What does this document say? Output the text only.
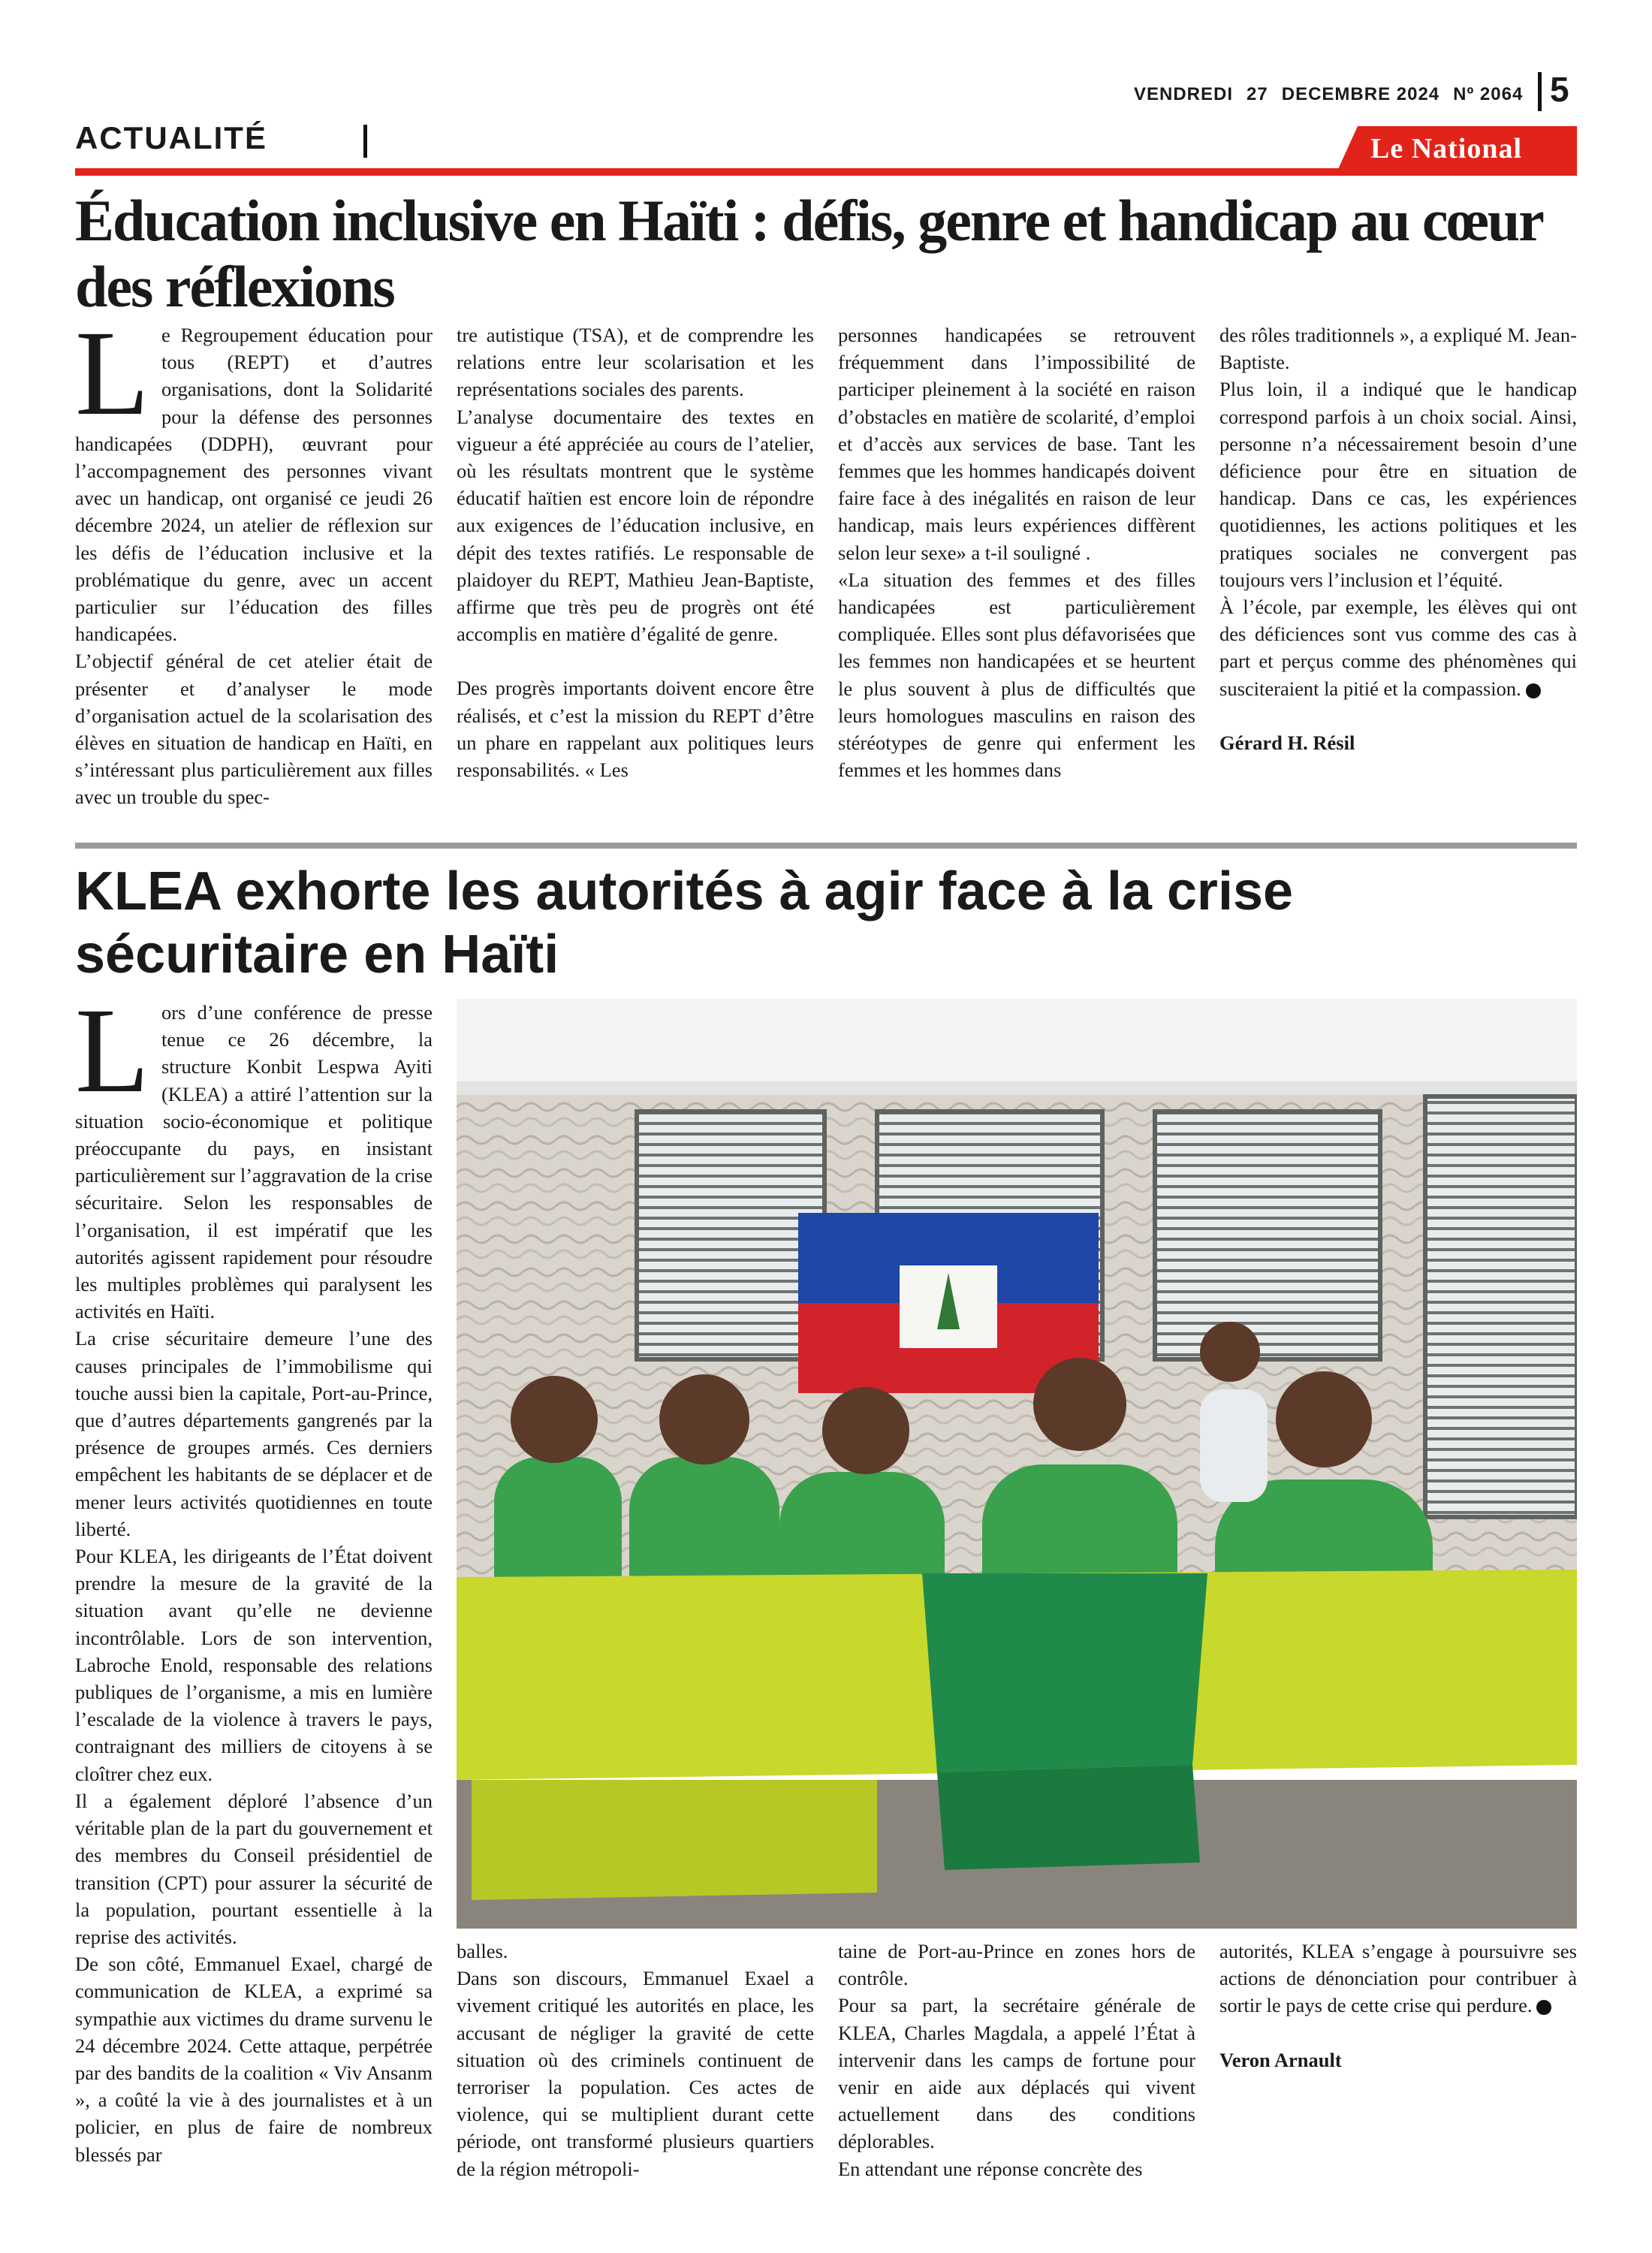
VENDREDI 27 DECEMBRE 2024 Nº 2064 5
ACTUALITÉ	Le National
Éducation inclusive en Haïti : défis, genre et handicap au cœur des réflexions

Le Regroupement éducation pour tous (REPT) et d’autres organisations, dont la Solidarité pour la défense des personnes handicapées (DDPH), œuvrant pour l’accompagnement des personnes vivant avec un handicap, ont organisé ce jeudi 26 décembre 2024, un atelier de réflexion sur les défis de l’éducation inclusive et la problématique du genre, avec un accent particulier sur l’éducation des filles handicapées.

L’objectif général de cet atelier était de présenter et d’analyser le mode d’organisation actuel de la scolarisation des élèves en situation de handicap en Haïti, en s’intéressant plus particulièrement aux filles avec un trouble du spec-

tre autistique (TSA), et de comprendre les relations entre leur scolarisation et les représentations sociales des parents.

L’analyse documentaire des textes en vigueur a été appréciée au cours de l’atelier, où les résultats montrent que le système éducatif haïtien est encore loin de répondre aux exigences de l’éducation inclusive, en dépit des textes ratifiés. Le responsable de plaidoyer du REPT, Mathieu Jean-Baptiste, affirme que très peu de progrès ont été accomplis en matière d’égalité de genre.

Des progrès importants doivent encore être réalisés, et c’est la mission du REPT d’être un phare en rappelant aux politiques leurs responsabilités. « Les

personnes handicapées se retrouvent fréquemment dans l’impossibilité de participer pleinement à la société en raison d’obstacles en matière de scolarité, d’emploi et d’accès aux services de base. Tant les femmes que les hommes handicapés doivent faire face à des inégalités en raison de leur handicap, mais leurs expériences diffèrent selon leur sexe» a t-il souligné .

«La situation des femmes et des filles handicapées est particulièrement compliquée. Elles sont plus défavorisées que les femmes non handicapées et se heurtent le plus souvent à plus de difficultés que leurs homologues masculins en raison des stéréotypes de genre qui enferment les femmes et les hommes dans

des rôles traditionnels », a expliqué M. Jean-Baptiste.

Plus loin, il a indiqué que le handicap correspond parfois à un choix social. Ainsi, personne n’a nécessairement besoin d’une déficience pour être en situation de handicap. Dans ce cas, les expériences quotidiennes, les actions politiques et les pratiques sociales ne convergent pas toujours vers l’inclusion et l’équité.

À l’école, par exemple, les élèves qui ont des déficiences sont vus comme des cas à part et perçus comme des phénomènes qui susciteraient la pitié et la compassion.

Gérard H. Résil

KLEA exhorte les autorités à agir face à la crise sécuritaire en Haïti

Lors d’une conférence de presse tenue ce 26 décembre, la structure Konbit Lespwa Ayiti (KLEA) a attiré l’attention sur la situation socio-économique et politique préoccupante du pays, en insistant particulièrement sur l’aggravation de la crise sécuritaire. Selon les responsables de l’organisation, il est impératif que les autorités agissent rapidement pour résoudre les multiples problèmes qui paralysent les activités en Haïti.

La crise sécuritaire demeure l’une des causes principales de l’immobilisme qui touche aussi bien la capitale, Port-au-Prince, que d’autres départements gangrenés par la présence de groupes armés. Ces derniers empêchent les habitants de se déplacer et de mener leurs activités quotidiennes en toute liberté.

Pour KLEA, les dirigeants de l’État doivent prendre la mesure de la gravité de la situation avant qu’elle ne devienne incontrôlable. Lors de son intervention, Labroche Enold, responsable des relations publiques de l’organisme, a mis en lumière l’escalade de la violence à travers le pays, contraignant des milliers de citoyens à se cloîtrer chez eux.

Il a également déploré l’absence d’un véritable plan de la part du gouvernement et des membres du Conseil présidentiel de transition (CPT) pour assurer la sécurité de la population, pourtant essentielle à la reprise des activités.

De son côté, Emmanuel Exael, chargé de communication de KLEA, a exprimé sa sympathie aux victimes du drame survenu le 24 décembre 2024. Cette attaque, perpétrée par des bandits de la coalition « Viv Ansanm », a coûté la vie à des journalistes et à un policier, en plus de faire de nombreux blessés par

balles.

Dans son discours, Emmanuel Exael a vivement critiqué les autorités en place, les accusant de négliger la gravité de cette situation où des criminels continuent de terroriser la population. Ces actes de violence, qui se multiplient durant cette période, ont transformé plusieurs quartiers de la région métropoli-

taine de Port-au-Prince en zones hors de contrôle.

Pour sa part, la secrétaire générale de KLEA, Charles Magdala, a appelé l’État à intervenir dans les camps de fortune pour venir en aide aux déplacés qui vivent actuellement dans des conditions déplorables.

En attendant une réponse concrète des

autorités, KLEA s’engage à poursuivre ses actions de dénonciation pour contribuer à sortir le pays de cette crise qui perdure.

Veron Arnault
